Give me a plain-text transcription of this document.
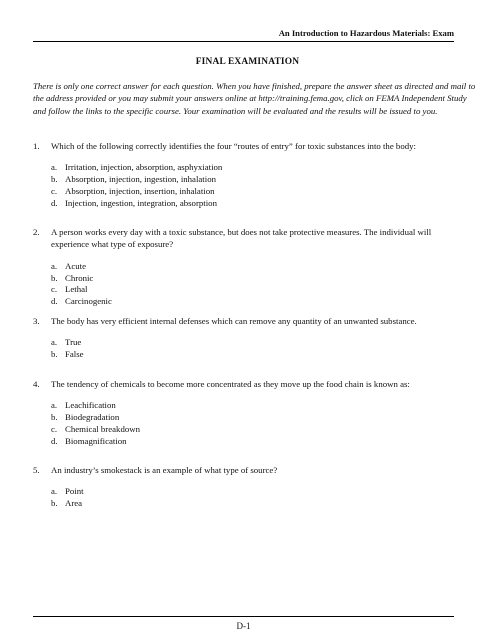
An Introduction to Hazardous Materials: Exam
FINAL EXAMINATION
There is only one correct answer for each question. When you have finished, prepare the answer sheet as directed and mail to the address provided or you may submit your answers online at http://training.fema.gov, click on FEMA Independent Study and follow the links to the specific course. Your examination will be evaluated and the results will be issued to you.
1.	Which of the following correctly identifies the four “routes of entry” for toxic substances into the body:
a. Irritation, injection, absorption, asphyxiation
b. Absorption, injection, ingestion, inhalation
c. Absorption, injection, insertion, inhalation
d. Injection, ingestion, integration, absorption
2.	A person works every day with a toxic substance, but does not take protective measures. The individual will experience what type of exposure?
a. Acute
b. Chronic
c. Lethal
d. Carcinogenic
3.	The body has very efficient internal defenses which can remove any quantity of an unwanted substance.
a. True
b. False
4.	The tendency of chemicals to become more concentrated as they move up the food chain is known as:
a. Leachification
b. Biodegradation
c. Chemical breakdown
d. Biomagnification
5.	An industry’s smokestack is an example of what type of source?
a. Point
b. Area
D-1
